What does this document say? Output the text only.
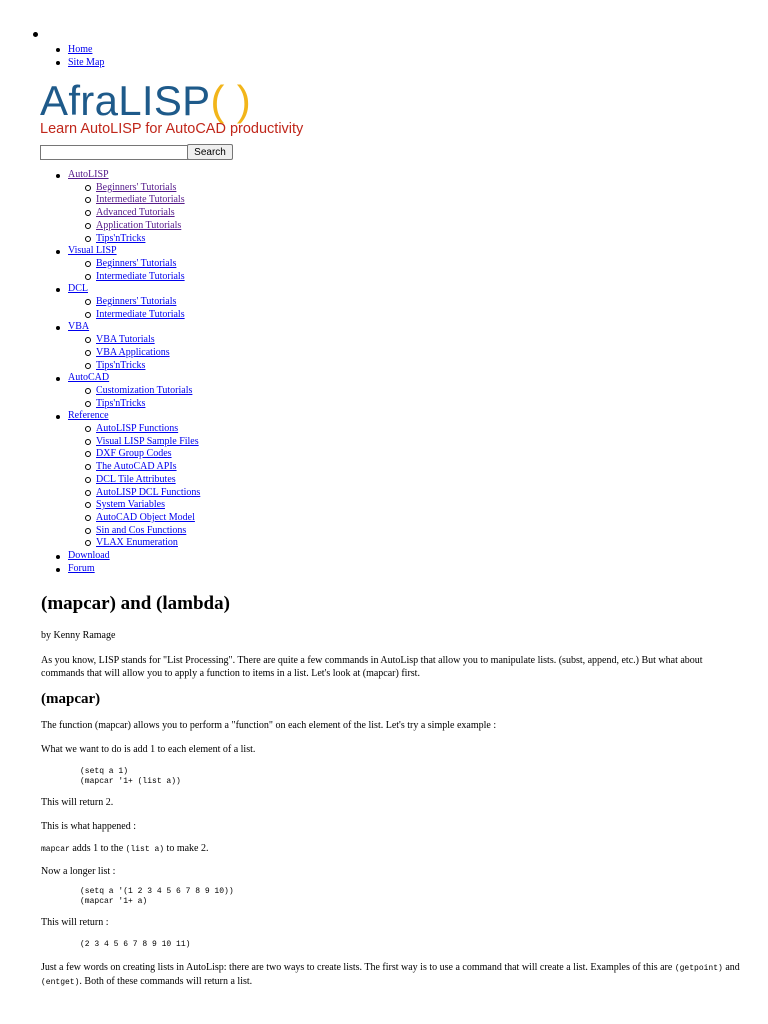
Home
Site Map
AfraLISP( )
Learn AutoLISP for AutoCAD productivity
Search
AutoLISP
Beginners' Tutorials
Intermediate Tutorials
Advanced Tutorials
Application Tutorials
Tips'nTricks
Visual LISP
Beginners' Tutorials
Intermediate Tutorials
DCL
Beginners' Tutorials
Intermediate Tutorials
VBA
VBA Tutorials
VBA Applications
Tips'nTricks
AutoCAD
Customization Tutorials
Tips'nTricks
Reference
AutoLISP Functions
Visual LISP Sample Files
DXF Group Codes
The AutoCAD APIs
DCL Tile Attributes
AutoLISP DCL Functions
System Variables
AutoCAD Object Model
Sin and Cos Functions
VLAX Enumeration
Download
Forum
(mapcar) and (lambda)

by Kenny Ramage

As you know, LISP stands for "List Processing". There are quite a few commands in AutoLisp that allow you to manipulate lists. (subst, append, etc.) But what about commands that will allow you to apply a function to items in a list. Let's look at (mapcar) first.

(mapcar)

The function (mapcar) allows you to perform a "function" on each element of the list. Let's try a simple example :

What we want to do is add 1 to each element of a list.

(setq a 1)
(mapcar '1+ (list a))

This will return 2.

This is what happened :

mapcar adds 1 to the (list a) to make 2.

Now a longer list :

(setq a '(1 2 3 4 5 6 7 8 9 10))
(mapcar '1+ a)

This will return :

(2 3 4 5 6 7 8 9 10 11)

Just a few words on creating lists in AutoLisp: there are two ways to create lists. The first way is to use a command that will create a list. Examples of this are (getpoint) and (entget). Both of these commands will return a list.
